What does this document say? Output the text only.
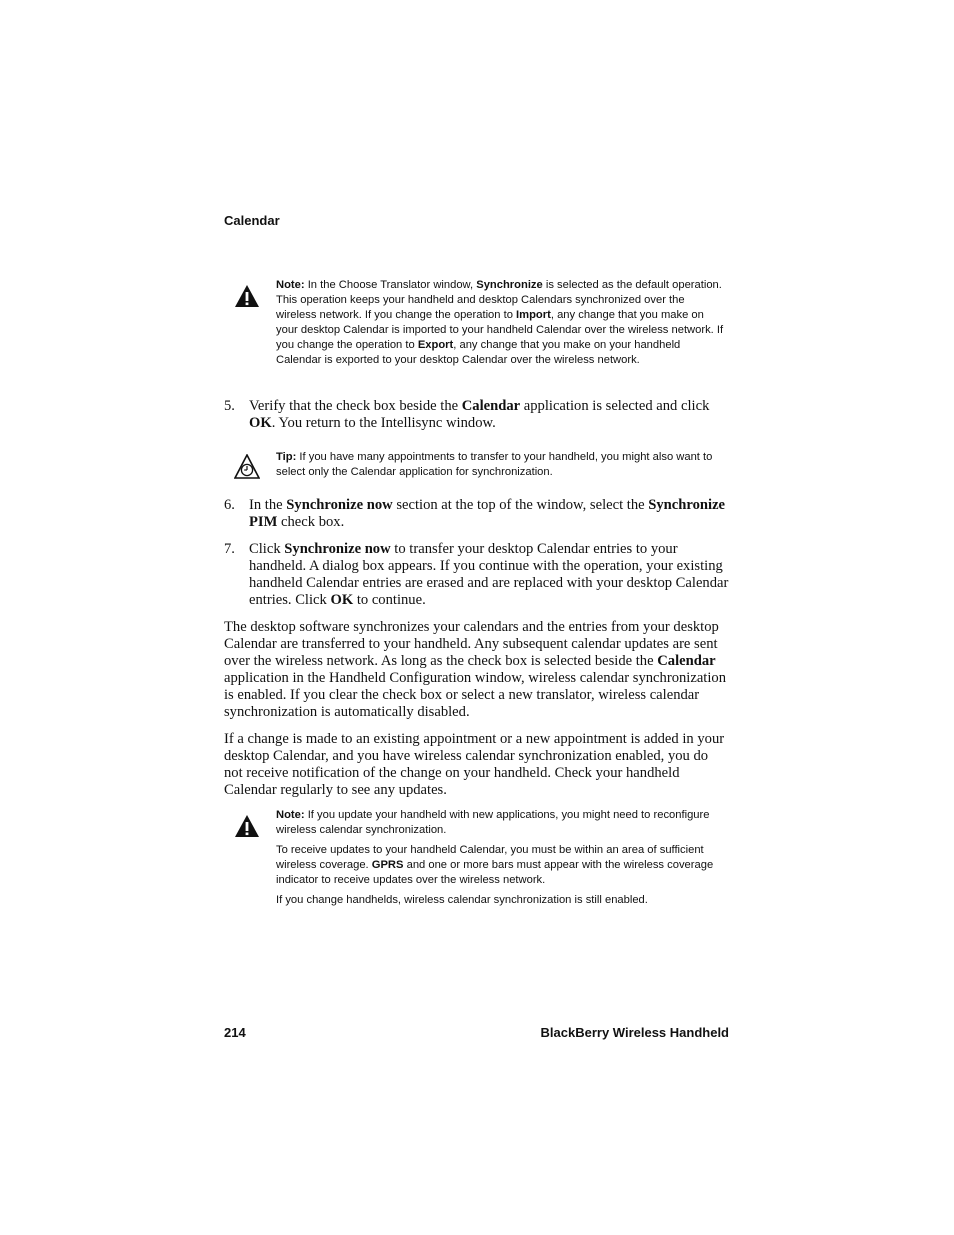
Calendar

Note: In the Choose Translator window, Synchronize is selected as the default operation. This operation keeps your handheld and desktop Calendars synchronized over the wireless network. If you change the operation to Import, any change that you make on your desktop Calendar is imported to your handheld Calendar over the wireless network. If you change the operation to Export, any change that you make on your handheld Calendar is exported to your desktop Calendar over the wireless network.

5. Verify that the check box beside the Calendar application is selected and click OK. You return to the Intellisync window.

Tip: If you have many appointments to transfer to your handheld, you might also want to select only the Calendar application for synchronization.

6. In the Synchronize now section at the top of the window, select the Synchronize PIM check box.
7. Click Synchronize now to transfer your desktop Calendar entries to your handheld. A dialog box appears. If you continue with the operation, your existing handheld Calendar entries are erased and are replaced with your desktop Calendar entries. Click OK to continue.
The desktop software synchronizes your calendars and the entries from your desktop Calendar are transferred to your handheld. Any subsequent calendar updates are sent over the wireless network. As long as the check box is selected beside the Calendar application in the Handheld Configuration window, wireless calendar synchronization is enabled. If you clear the check box or select a new translator, wireless calendar synchronization is automatically disabled.
If a change is made to an existing appointment or a new appointment is added in your desktop Calendar, and you have wireless calendar synchronization enabled, you do not receive notification of the change on your handheld. Check your handheld Calendar regularly to see any updates.

Note: If you update your handheld with new applications, you might need to reconfigure wireless calendar synchronization.

To receive updates to your handheld Calendar, you must be within an area of sufficient wireless coverage. GPRS and one or more bars must appear with the wireless coverage indicator to receive updates over the wireless network.

If you change handhelds, wireless calendar synchronization is still enabled.

214	BlackBerry Wireless Handheld
